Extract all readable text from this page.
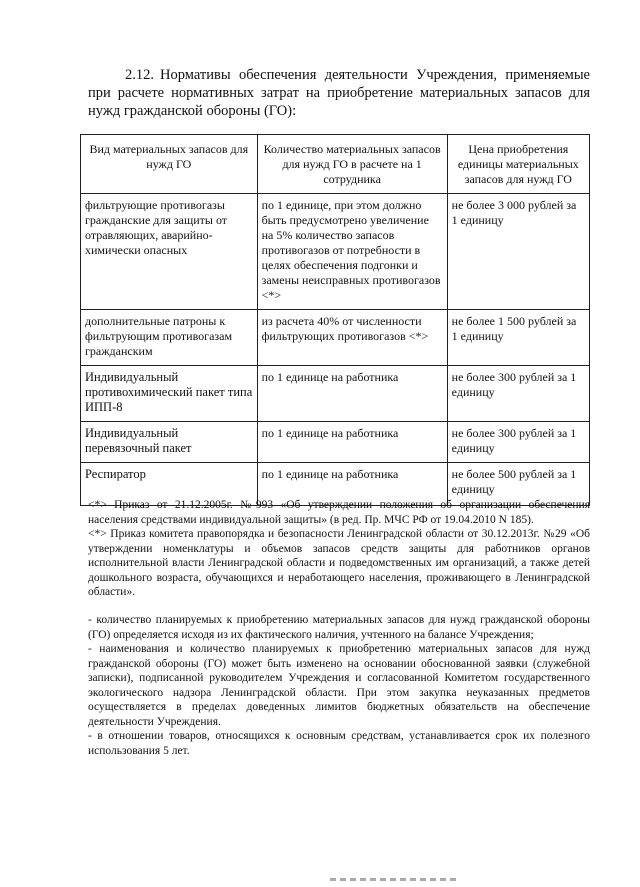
2.12. Нормативы обеспечения деятельности Учреждения, применяемые при расчете нормативных затрат на приобретение материальных запасов для нужд гражданской обороны (ГО):
Вид материальных запасов для нужд ГО	Количество материальных запасов для нужд ГО в расчете на 1 сотрудника	Цена приобретения единицы материальных запасов для нужд ГО
фильтрующие противогазы гражданские для защиты от отравляющих, аварийно-химически опасных	по 1 единице, при этом должно быть предусмотрено увеличение на 5% количество запасов противогазов от потребности в целях обеспечения подгонки и замены неисправных противогазов <*>	не более 3 000 рублей за 1 единицу
дополнительные патроны к фильтрующим противогазам гражданским	из расчета 40% от численности фильтрующих противогазов <*>	не более 1 500 рублей за 1 единицу
Индивидуальный противохимический пакет типа ИПП-8	по 1 единице на работника	не более 300 рублей за 1 единицу
Индивидуальный перевязочный пакет	по 1 единице на работника	не более 300 рублей за 1 единицу
Респиратор	по 1 единице на работника	не более 500 рублей за 1 единицу

<*> Приказ от 21.12.2005г. №993 «Об утверждении положения об организации обеспечения населения средствами индивидуальной защиты» (в ред. Пр. МЧС РФ от 19.04.2010 N 185).

<*> Приказ комитета правопорядка и безопасности Ленинградской области от 30.12.2013г. №29 «Об утверждении номенклатуры и объемов запасов средств защиты для работников органов исполнительной власти Ленинградской области и подведомственных им организаций, а также детей дошкольного возраста, обучающихся и неработающего населения, проживающего в Ленинградской области».

- количество планируемых к приобретению материальных запасов для нужд гражданской обороны (ГО) определяется исходя из их фактического наличия, учтенного на балансе Учреждения;

- наименования и количество планируемых к приобретению материальных запасов для нужд гражданской обороны (ГО) может быть изменено на основании обоснованной заявки (служебной записки), подписанной руководителем Учреждения и согласованной Комитетом государственного экологического надзора Ленинградской области. При этом закупка неуказанных предметов осуществляется в пределах доведенных лимитов бюджетных обязательств на обеспечение деятельности Учреждения.

- в отношении товаров, относящихся к основным средствам, устанавливается срок их полезного использования 5 лет.
